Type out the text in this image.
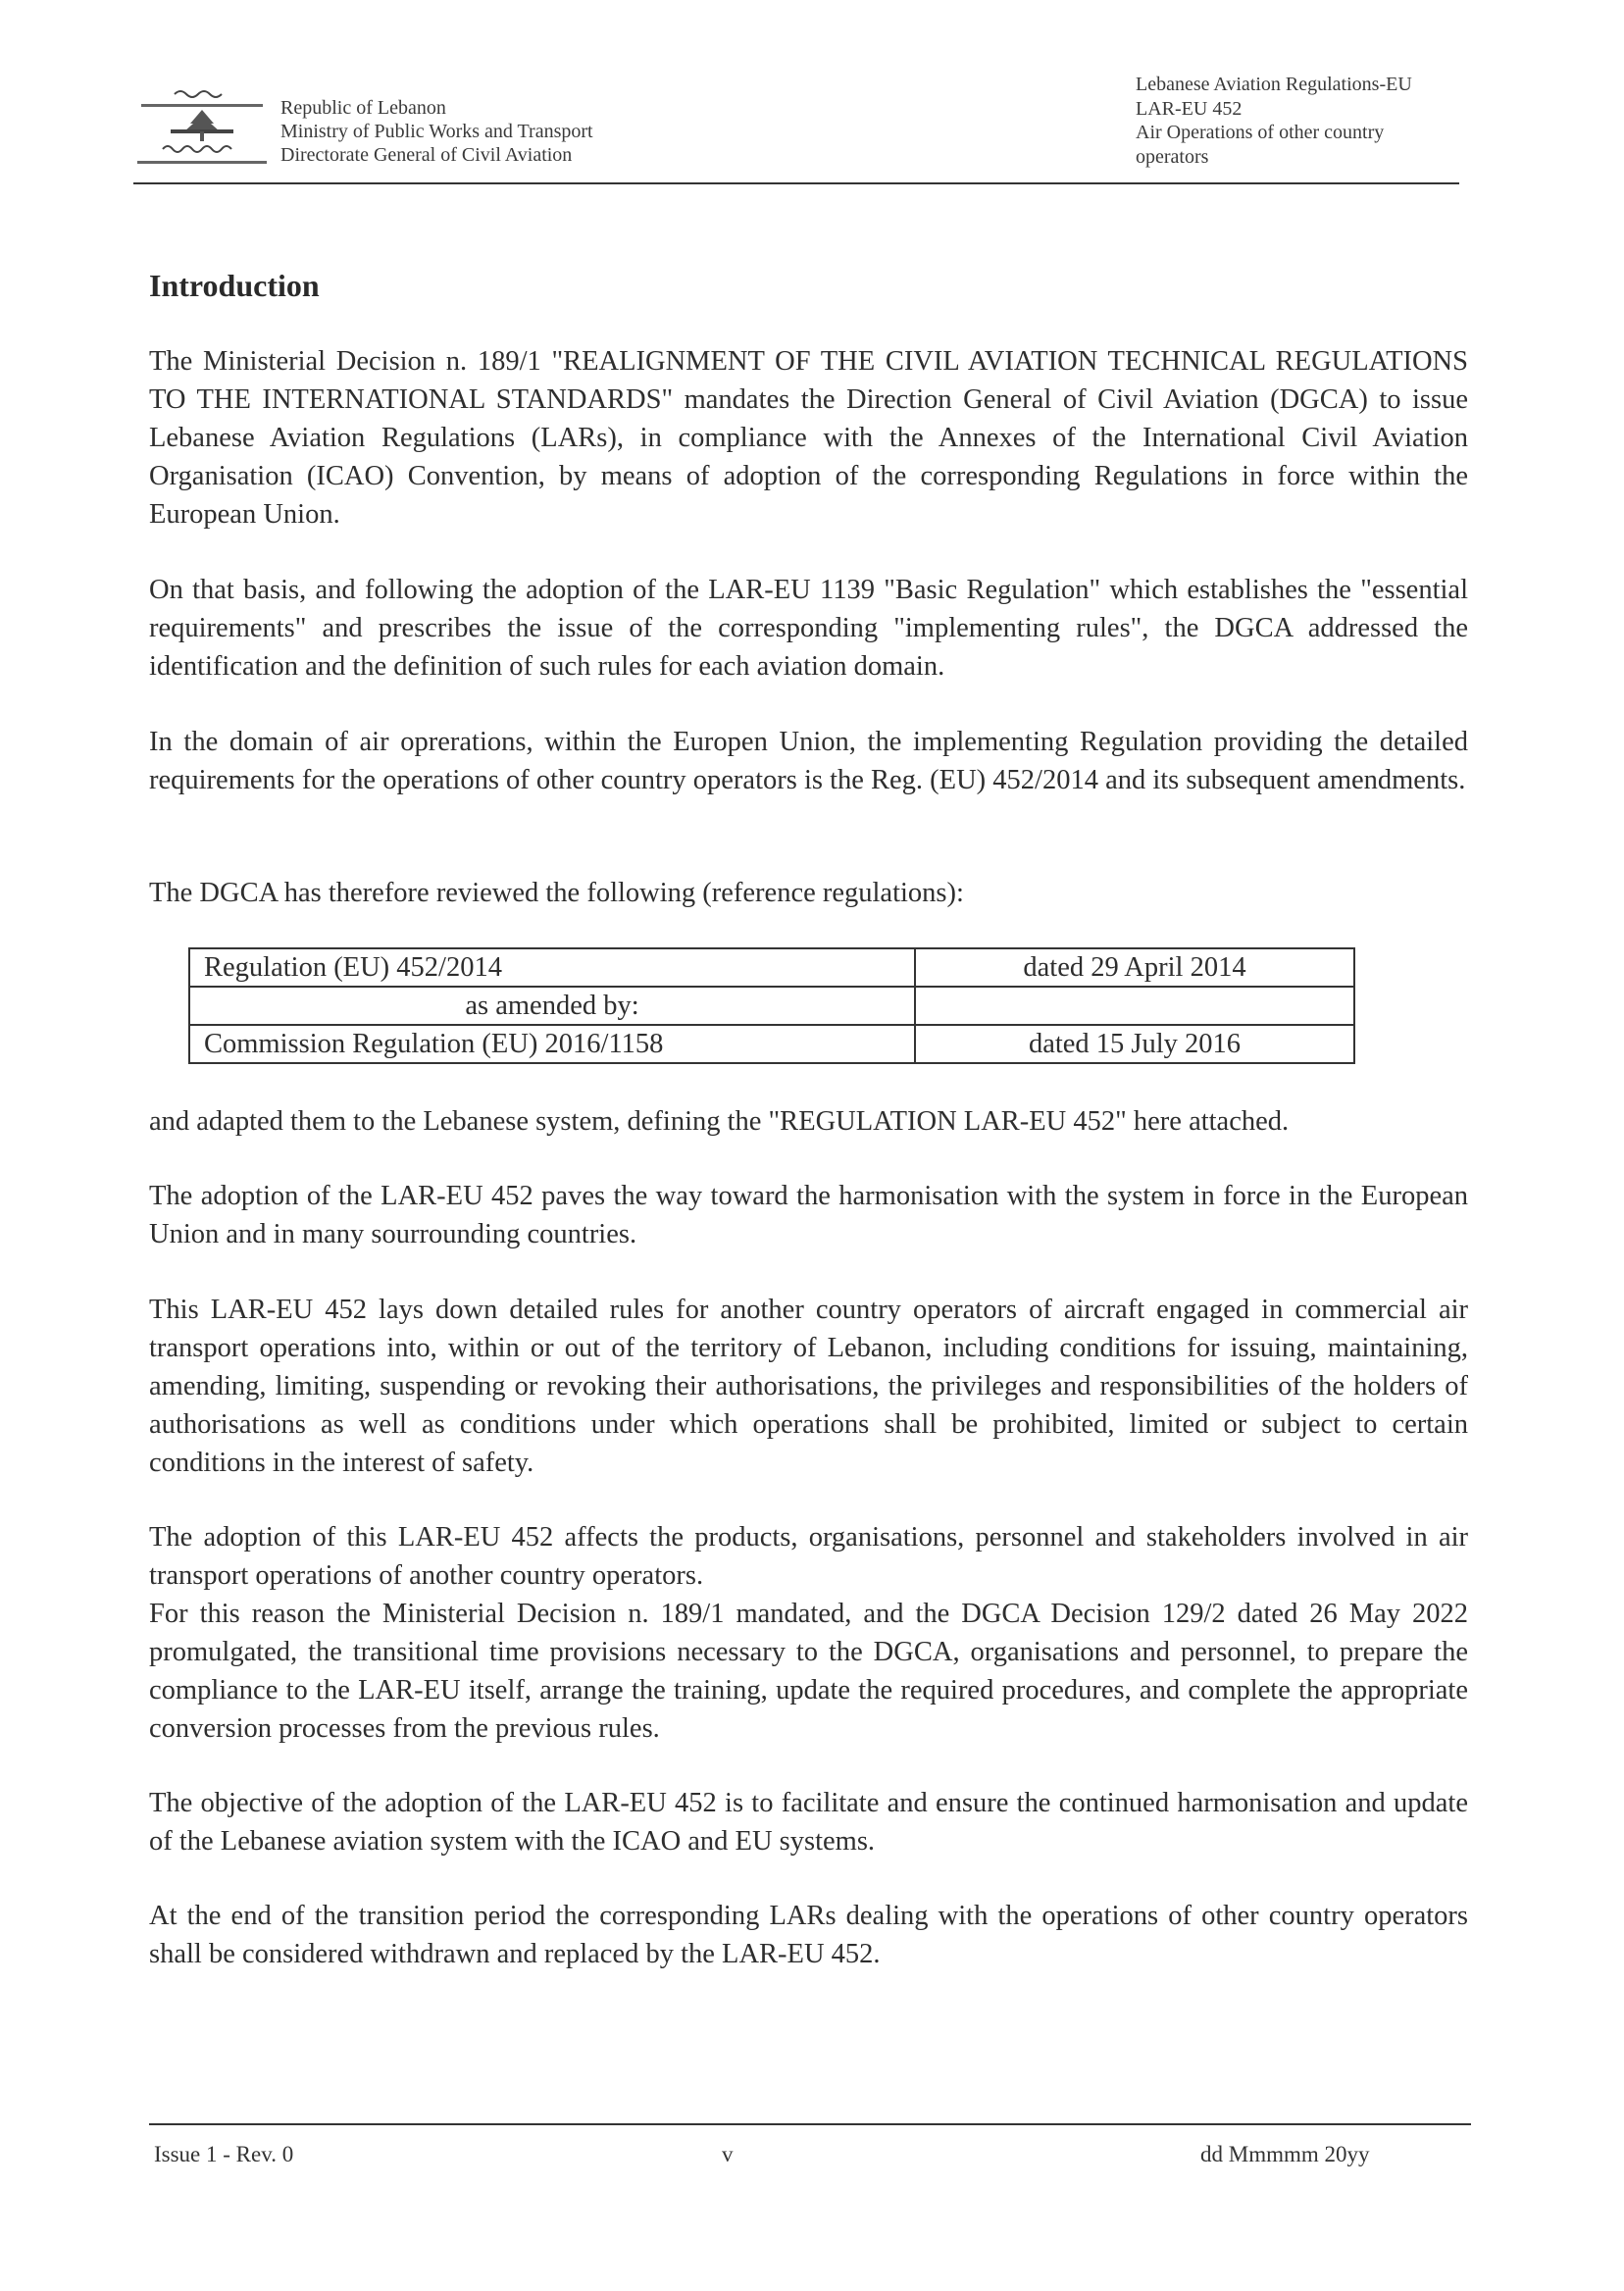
Republic of Lebanon
Ministry of Public Works and Transport
Directorate General of Civil Aviation
Lebanese Aviation Regulations-EU
LAR-EU 452
Air Operations of other country
operators
Introduction
The Ministerial Decision n. 189/1 "REALIGNMENT OF THE CIVIL AVIATION TECHNICAL REGULATIONS TO THE INTERNATIONAL STANDARDS" mandates the Direction General of Civil Aviation (DGCA) to issue Lebanese Aviation Regulations (LARs), in compliance with the Annexes of the International Civil Aviation Organisation (ICAO) Convention, by means of adoption of the corresponding Regulations in force within the European Union.
On that basis, and following the adoption of the LAR-EU 1139 "Basic Regulation" which establishes the "essential requirements" and prescribes the issue of the corresponding "implementing rules", the DGCA addressed the identification and the definition of such rules for each aviation domain.
In the domain of air oprerations, within the Europen Union, the implementing Regulation providing the detailed requirements for the operations of other country operators is the Reg. (EU) 452/2014 and its subsequent amendments.
The DGCA has therefore reviewed the following (reference regulations):
Regulation (EU) 452/2014	dated 29 April 2014
as amended by:	
Commission Regulation (EU) 2016/1158	dated 15 July 2016
and adapted them to the Lebanese system, defining the "REGULATION LAR-EU 452" here attached.
The adoption of the LAR-EU 452 paves the way toward the harmonisation with the system in force in the European Union and in many sourrounding countries.
This LAR-EU 452 lays down detailed rules for another country operators of aircraft engaged in commercial air transport operations into, within or out of the territory of Lebanon, including conditions for issuing, maintaining, amending, limiting, suspending or revoking their authorisations, the privileges and responsibilities of the holders of authorisations as well as conditions under which operations shall be prohibited, limited or subject to certain conditions in the interest of safety.
The adoption of this LAR-EU 452 affects the products, organisations, personnel and stakeholders involved in air transport operations of another country operators.
For this reason the Ministerial Decision n. 189/1 mandated, and the DGCA Decision 129/2 dated 26 May 2022 promulgated, the transitional time provisions necessary to the DGCA, organisations and personnel, to prepare the compliance to the LAR-EU itself, arrange the training, update the required procedures, and complete the appropriate conversion processes from the previous rules.
The objective of the adoption of the LAR-EU 452 is to facilitate and ensure the continued harmonisation and update of the Lebanese aviation system with the ICAO and EU systems.
At the end of the transition period the corresponding LARs dealing with the operations of other country operators shall be considered withdrawn and replaced by the LAR-EU 452.
Issue 1 - Rev. 0	v	dd Mmmmm 20yy
